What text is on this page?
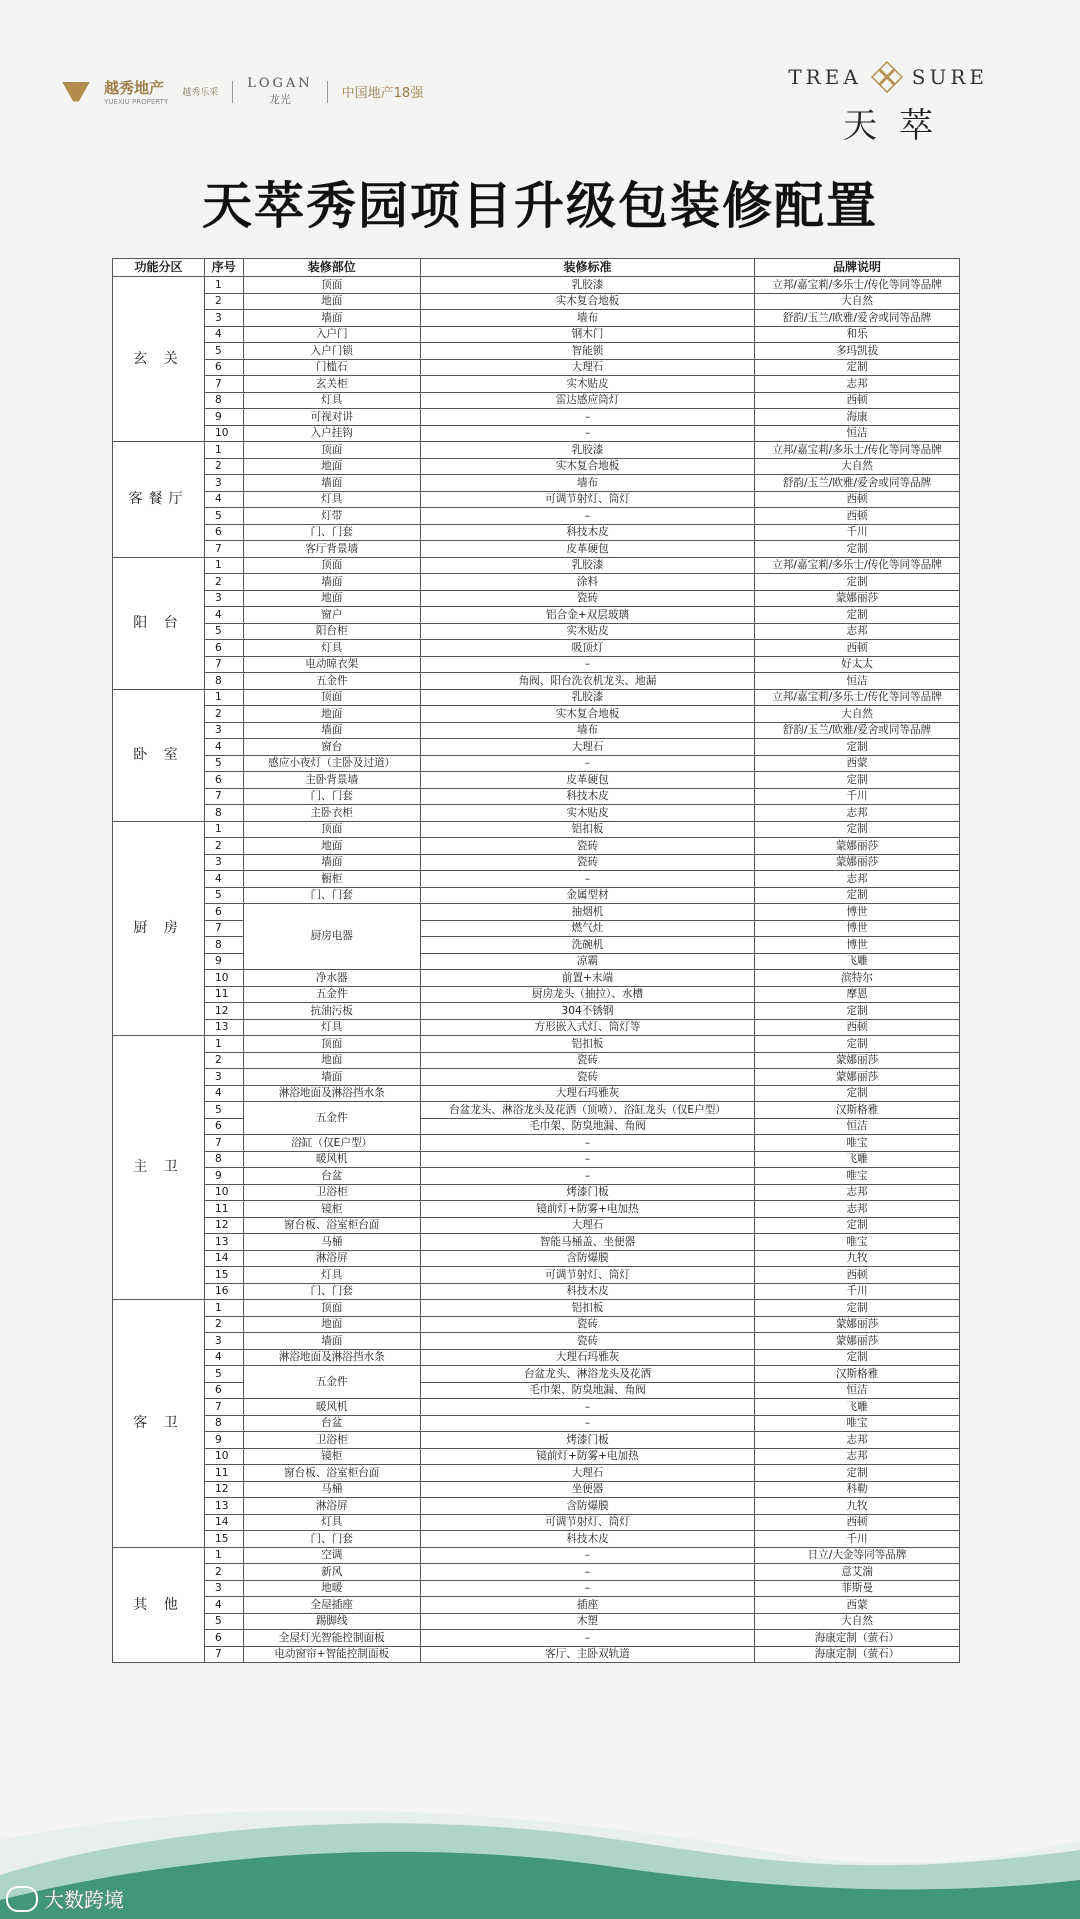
越秀地产
YUEXIU PROPERTY
越秀乐采
LOGAN
龙光	中国地产18强
TREA	SURE
天萃
天萃秀园项目升级包装修配置
功能分区	序号	装修部位	装修标准	品牌说明
玄 关	1	顶面	乳胶漆	立邦/嘉宝莉/多乐士/传化等同等品牌
	2	地面	实木复合地板	大自然
	3	墙面	墙布	舒韵/玉兰/欧雅/爱舍或同等品牌
	4	入户门	钢木门	和乐
	5	入户门锁	智能锁	多玛凯拔
	6	门槛石	大理石	定制
	7	玄关柜	实木贴皮	志邦
	8	灯具	雷达感应筒灯	西顿
	9	可视对讲	–	海康
	10	入户挂钩	–	恒洁
客餐厅	1	顶面	乳胶漆	立邦/嘉宝莉/多乐士/传化等同等品牌
	2	地面	实木复合地板	大自然
	3	墙面	墙布	舒韵/玉兰/欧雅/爱舍或同等品牌
	4	灯具	可调节射灯、筒灯	西顿
	5	灯带	–	西顿
	6	门、门套	科技木皮	千川
	7	客厅背景墙	皮革硬包	定制
阳 台	1	顶面	乳胶漆	立邦/嘉宝莉/多乐士/传化等同等品牌
	2	墙面	涂料	定制
	3	地面	瓷砖	蒙娜丽莎
	4	窗户	铝合金+双层玻璃	定制
	5	阳台柜	实木贴皮	志邦
	6	灯具	吸顶灯	西顿
	7	电动晾衣架	–	好太太
	8	五金件	角阀、阳台洗衣机龙头、地漏	恒洁
卧 室	1	顶面	乳胶漆	立邦/嘉宝莉/多乐士/传化等同等品牌
	2	地面	实木复合地板	大自然
	3	墙面	墙布	舒韵/玉兰/欧雅/爱舍或同等品牌
	4	窗台	大理石	定制
	5	感应小夜灯（主卧及过道）	–	西蒙
	6	主卧背景墙	皮革硬包	定制
	7	门、门套	科技木皮	千川
	8	主卧衣柜	实木贴皮	志邦
厨 房	1	顶面	铝扣板	定制
	2	地面	瓷砖	蒙娜丽莎
	3	墙面	瓷砖	蒙娜丽莎
	4	橱柜	–	志邦
	5	门、门套	金属型材	定制
	6	厨房电器	抽烟机	博世
	7		燃气灶	博世
	8		洗碗机	博世
	9		凉霸	飞雕
	10	净水器	前置+末端	滨特尔
	11	五金件	厨房龙头（抽拉）、水槽	摩恩
	12	抗油污板	304不锈钢	定制
	13	灯具	方形嵌入式灯、筒灯等	西顿
主 卫	1	顶面	铝扣板	定制
	2	地面	瓷砖	蒙娜丽莎
	3	墙面	瓷砖	蒙娜丽莎
	4	淋浴地面及淋浴挡水条	大理石玛雅灰	定制
	5	五金件	台盆龙头、淋浴龙头及花洒（顶喷）、浴缸龙头（仅E户型）	汉斯格雅
	6		毛巾架、防臭地漏、角阀	恒洁
	7	浴缸（仅E户型）	–	唯宝
	8	暖风机	–	飞雕
	9	台盆	–	唯宝
	10	卫浴柜	烤漆门板	志邦
	11	镜柜	镜前灯+防雾+电加热	志邦
	12	窗台板、浴室柜台面	大理石	定制
	13	马桶	智能马桶盖、坐便器	唯宝
	14	淋浴屏	含防爆膜	九牧
	15	灯具	可调节射灯、筒灯	西顿
	16	门、门套	科技木皮	千川
客 卫	1	顶面	铝扣板	定制
	2	地面	瓷砖	蒙娜丽莎
	3	墙面	瓷砖	蒙娜丽莎
	4	淋浴地面及淋浴挡水条	大理石玛雅灰	定制
	5	五金件	台盆龙头、淋浴龙头及花洒	汉斯格雅
	6		毛巾架、防臭地漏、角阀	恒洁
	7	暖风机	–	飞雕
	8	台盆	–	唯宝
	9	卫浴柜	烤漆门板	志邦
	10	镜柜	镜前灯+防雾+电加热	志邦
	11	窗台板、浴室柜台面	大理石	定制
	12	马桶	坐便器	科勒
	13	淋浴屏	含防爆膜	九牧
	14	灯具	可调节射灯、筒灯	西顿
	15	门、门套	科技木皮	千川
其 他	1	空调	–	日立/大金等同等品牌
	2	新风	–	意艾湍
	3	地暖	–	菲斯曼
	4	全屋插座	插座	西蒙
	5	踢脚线	木塑	大自然
	6	全屋灯光智能控制面板	–	海康定制（萤石）
	7	电动窗帘+智能控制面板	客厅、主卧双轨道	海康定制（萤石）
大数跨境
